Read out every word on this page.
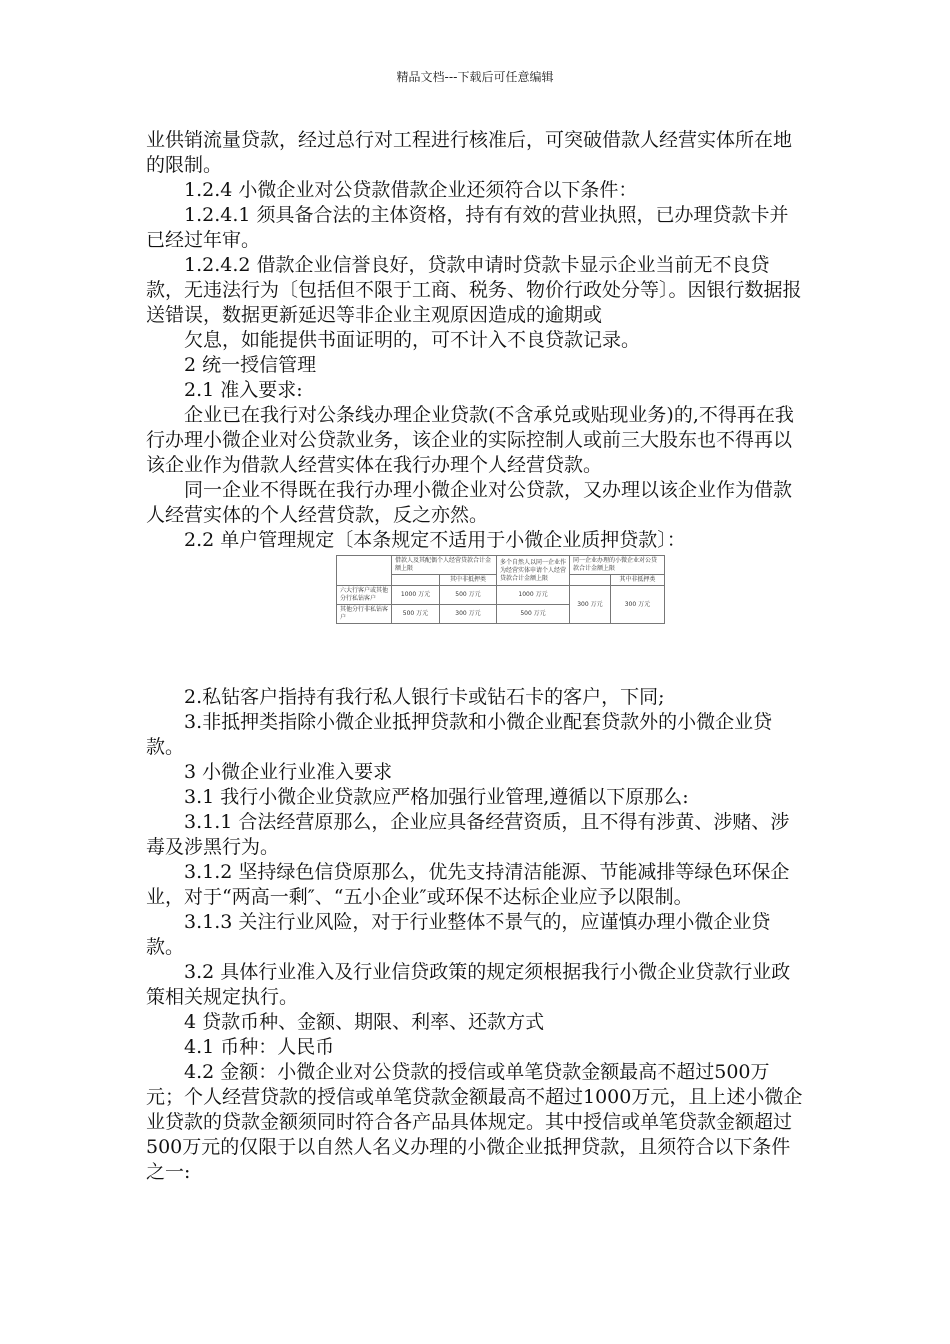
精品文档---下载后可任意编辑

业供销流量贷款，经过总行对工程进行核准后，可突破借款人经营实体所在地的限制。

1.2.4 小微企业对公贷款借款企业还须符合以下条件：

1.2.4.1 须具备合法的主体资格，持有有效的营业执照，已办理贷款卡并已经过年审。

1.2.4.2 借款企业信誉良好，贷款申请时贷款卡显示企业当前无不良贷款，无违法行为〔包括但不限于工商、税务、物价行政处分等〕。因银行数据报送错误，数据更新延迟等非企业主观原因造成的逾期或

欠息，如能提供书面证明的，可不计入不良贷款记录。

2 统一授信管理

2.1 准入要求:

企业已在我行对公条线办理企业贷款(不含承兑或贴现业务)的,不得再在我行办理小微企业对公贷款业务，该企业的实际控制人或前三大股东也不得再以该企业作为借款人经营实体在我行办理个人经营贷款。

同一企业不得既在我行办理小微企业对公贷款，又办理以该企业作为借款人经营实体的个人经营贷款，反之亦然。

2.2 单户管理规定〔本条规定不适用于小微企业质押贷款〕：

	借款人及其配偶个人经营贷款合计金额上限		多个自然人以同一企业作为经营实体申请个人经营贷款合计金额上限	同一企业办理的小微企业对公贷款合计金额上限	
		其中非抵押类			其中非抵押类
六大行客户或其他分行私钻客户	1000 万元	500 万元	1000 万元	300 万元	300 万元
其他分行非私钻客户	500 万元	300 万元	500 万元		

2.私钻客户指持有我行私人银行卡或钻石卡的客户，下同;

3.非抵押类指除小微企业抵押贷款和小微企业配套贷款外的小微企业贷款。

3 小微企业行业准入要求

3.1 我行小微企业贷款应严格加强行业管理,遵循以下原那么:

3.1.1 合法经营原那么，企业应具备经营资质，且不得有涉黄、涉赌、涉毒及涉黑行为。

3.1.2 坚持绿色信贷原那么，优先支持清洁能源、节能减排等绿色环保企业，对于“两高一剩″、“五小企业″或环保不达标企业应予以限制。

3.1.3 关注行业风险，对于行业整体不景气的，应谨慎办理小微企业贷款。

3.2 具体行业准入及行业信贷政策的规定须根据我行小微企业贷款行业政策相关规定执行。

4 贷款币种、金额、期限、利率、还款方式

4.1 币种：人民币

4.2 金额：小微企业对公贷款的授信或单笔贷款金额最高不超过500万元；个人经营贷款的授信或单笔贷款金额最高不超过1000万元，且上述小微企业贷款的贷款金额须同时符合各产品具体规定。其中授信或单笔贷款金额超过500万元的仅限于以自然人名义办理的小微企业抵押贷款，且须符合以下条件之一:
